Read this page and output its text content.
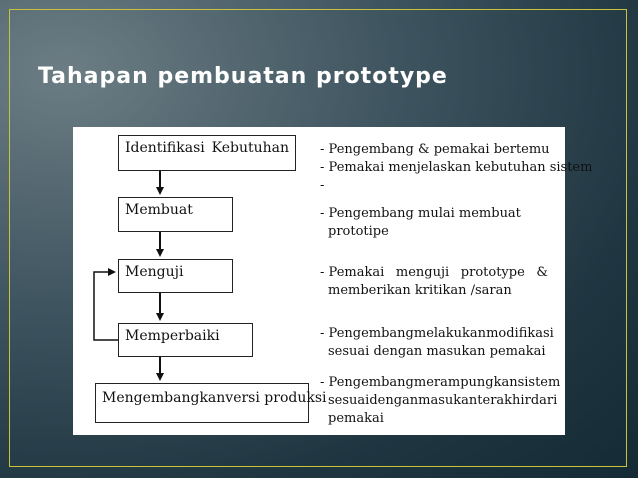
Tahapan pembuatan prototype
Identifikasi Kebutuhan
Membuat
Menguji
Memperbaiki
Mengembangkanversi produksi
- Pengembang & pemakai bertemu
- Pemakai menjelaskan kebutuhan sistem
-
- Pengembang mulai membuat
prototipe
- Pemakai menguji prototype &
memberikan kritikan /saran
- Pengembang melakukan modifikasi
sesuai dengan masukan pemakai
- Pengembang merampungkan sistem
sesuai dengan masukan terakhir dari
pemakai
